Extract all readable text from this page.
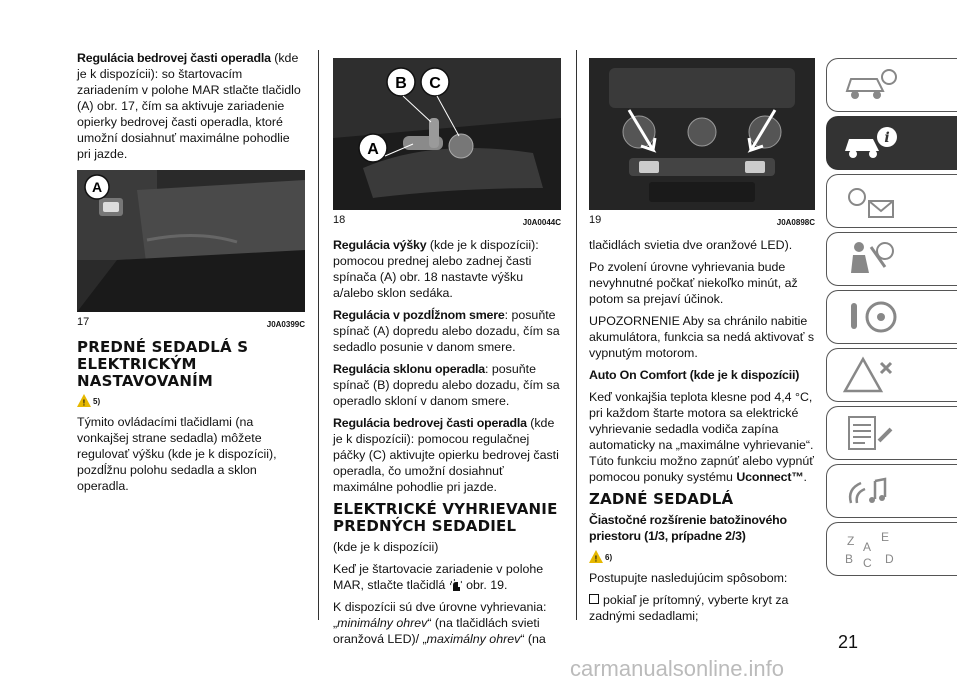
Regulácia bedrovej časti operadla (kde je k dispozícii): so štartovacím zariadením v polohe MAR stlačte tlačidlo (A) obr. 17, čím sa aktivuje zariadenie opierky bedrovej časti operadla, ktoré umožní dosiahnuť maximálne pohodlie pri jazde.

A
17	J0A0399C
PREDNÉ SEDADLÁ S ELEKTRICKÝM NASTAVOVANÍM
! 5)

Týmito ovládacími tlačidlami (na vonkajšej strane sedadla) môžete regulovať výšku (kde je k dispozícii), pozdĺžnu polohu sedadla a sklon operadla.

A
B C
18	J0A0044C

Regulácia výšky (kde je k dispozícii): pomocou prednej alebo zadnej časti spínača (A) obr. 18 nastavte výšku a/alebo sklon sedáka.

Regulácia v pozdĺžnom smere: posuňte spínač (A) dopredu alebo dozadu, čím sa sedadlo posunie v danom smere.

Regulácia sklonu operadla: posuňte spínač (B) dopredu alebo dozadu, čím sa operadlo skloní v danom smere.

Regulácia bedrovej časti operadla (kde je k dispozícii): pomocou regulačnej páčky (C) aktivujte opierku bedrovej časti operadla, čo umožní dosiahnuť maximálne pohodlie pri jazde.

ELEKTRICKÉ VYHRIEVANIE PREDNÝCH SEDADIEL

(kde je k dispozícii)

Keď je štartovacie zariadenie v polohe MAR, stlačte tlačidlá  obr. 19.

K dispozícii sú dve úrovne vyhrievania: „minimálny ohrev“ (na tlačidlách svieti oranžová LED)/ „maximálny ohrev“ (na

19	J0A0898C

tlačidlách svietia dve oranžové LED).

Po zvolení úrovne vyhrievania bude nevyhnutné počkať niekoľko minút, až potom sa prejaví účinok.

UPOZORNENIE Aby sa chránilo nabitie akumulátora, funkcia sa nedá aktivovať s vypnutým motorom.

Auto On Comfort (kde je k dispozícii)

Keď vonkajšia teplota klesne pod 4,4 °C, pri každom štarte motora sa elektrické vyhrievanie sedadla vodiča zapína automaticky na „maximálne vyhrievanie“. Túto funkciu možno zapnúť alebo vypnúť pomocou ponuky systému Uconnect™.

ZADNÉ SEDADLÁ

Čiastočné rozšírenie batožinového priestoru (1/3, prípadne 2/3)

! 6)

Postupujte nasledujúcim spôsobom:

pokiaľ je prítomný, vyberte kryt za zadnými sedadlami;

i
Z E
B C D
A
21
carmanualsonline.info
